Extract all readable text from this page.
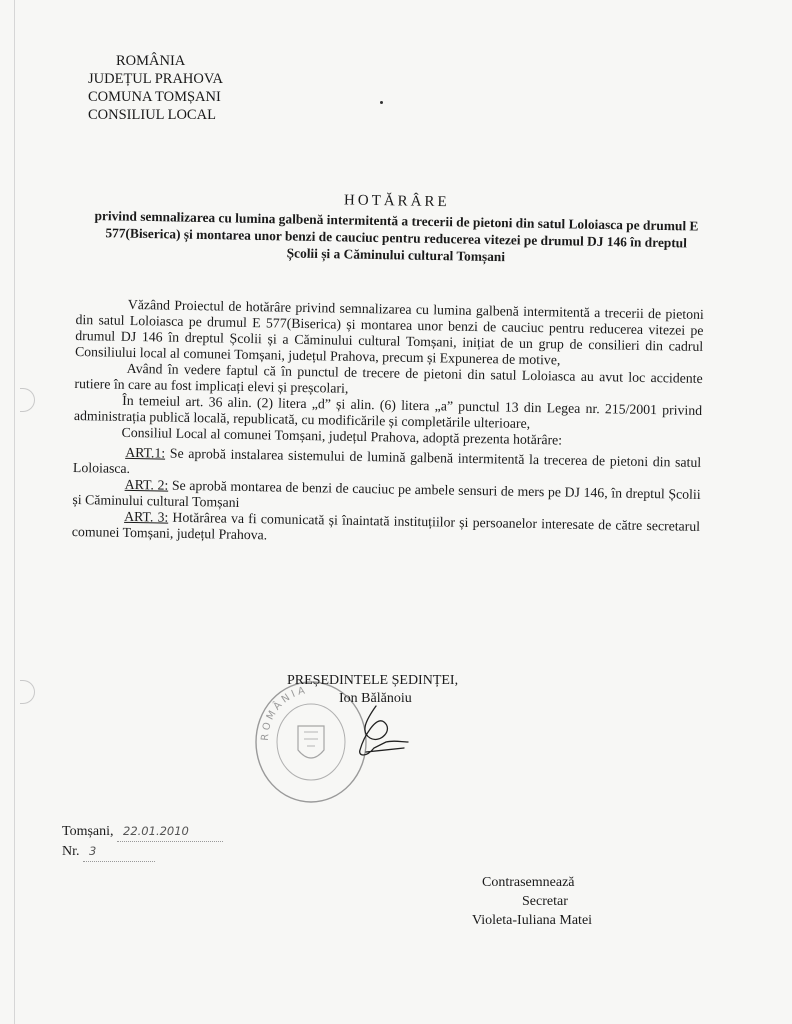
ROMÂNIA
JUDEȚUL PRAHOVA
COMUNA TOMȘANI
CONSILIUL LOCAL
HOTĂRÂRE
privind semnalizarea cu lumina galbenă intermitentă a trecerii de pietoni din satul Loloiasca pe drumul E 577(Biserica) și montarea unor benzi de cauciuc pentru reducerea vitezei pe drumul DJ 146 în dreptul Școlii și a Căminului cultural Tomșani

Văzând Proiectul de hotărâre privind semnalizarea cu lumina galbenă intermitentă a trecerii de pietoni din satul Loloiasca pe drumul E 577(Biserica) și montarea unor benzi de cauciuc pentru reducerea vitezei pe drumul DJ 146 în dreptul Școlii și a Căminului cultural Tomșani, inițiat de un grup de consilieri din cadrul Consiliului local al comunei Tomșani, județul Prahova, precum și Expunerea de motive,

Având în vedere faptul că în punctul de trecere de pietoni din satul Loloiasca au avut loc accidente rutiere în care au fost implicați elevi și preșcolari,

În temeiul art. 36 alin. (2) litera „d” și alin. (6) litera „a” punctul 13 din Legea nr. 215/2001 privind administrația publică locală, republicată, cu modificările și completările ulterioare,

Consiliul Local al comunei Tomșani, județul Prahova, adoptă prezenta hotărâre:

ART.1: Se aprobă instalarea sistemului de lumină galbenă intermitentă la trecerea de pietoni din satul Loloiasca.

ART. 2: Se aprobă montarea de benzi de cauciuc pe ambele sensuri de mers pe DJ 146, în dreptul Școlii și Căminului cultural Tomșani

ART. 3: Hotărârea va fi comunicată și înaintată instituțiilor și persoanelor interesate de către secretarul comunei Tomșani, județul Prahova.

ROMÂNIA
PREȘEDINTELE ȘEDINȚEI,
Ion Bălănoiu
Tomșani, 22.01.2010
Nr. 3
Contrasemnează
Secretar
Violeta-Iuliana Matei
